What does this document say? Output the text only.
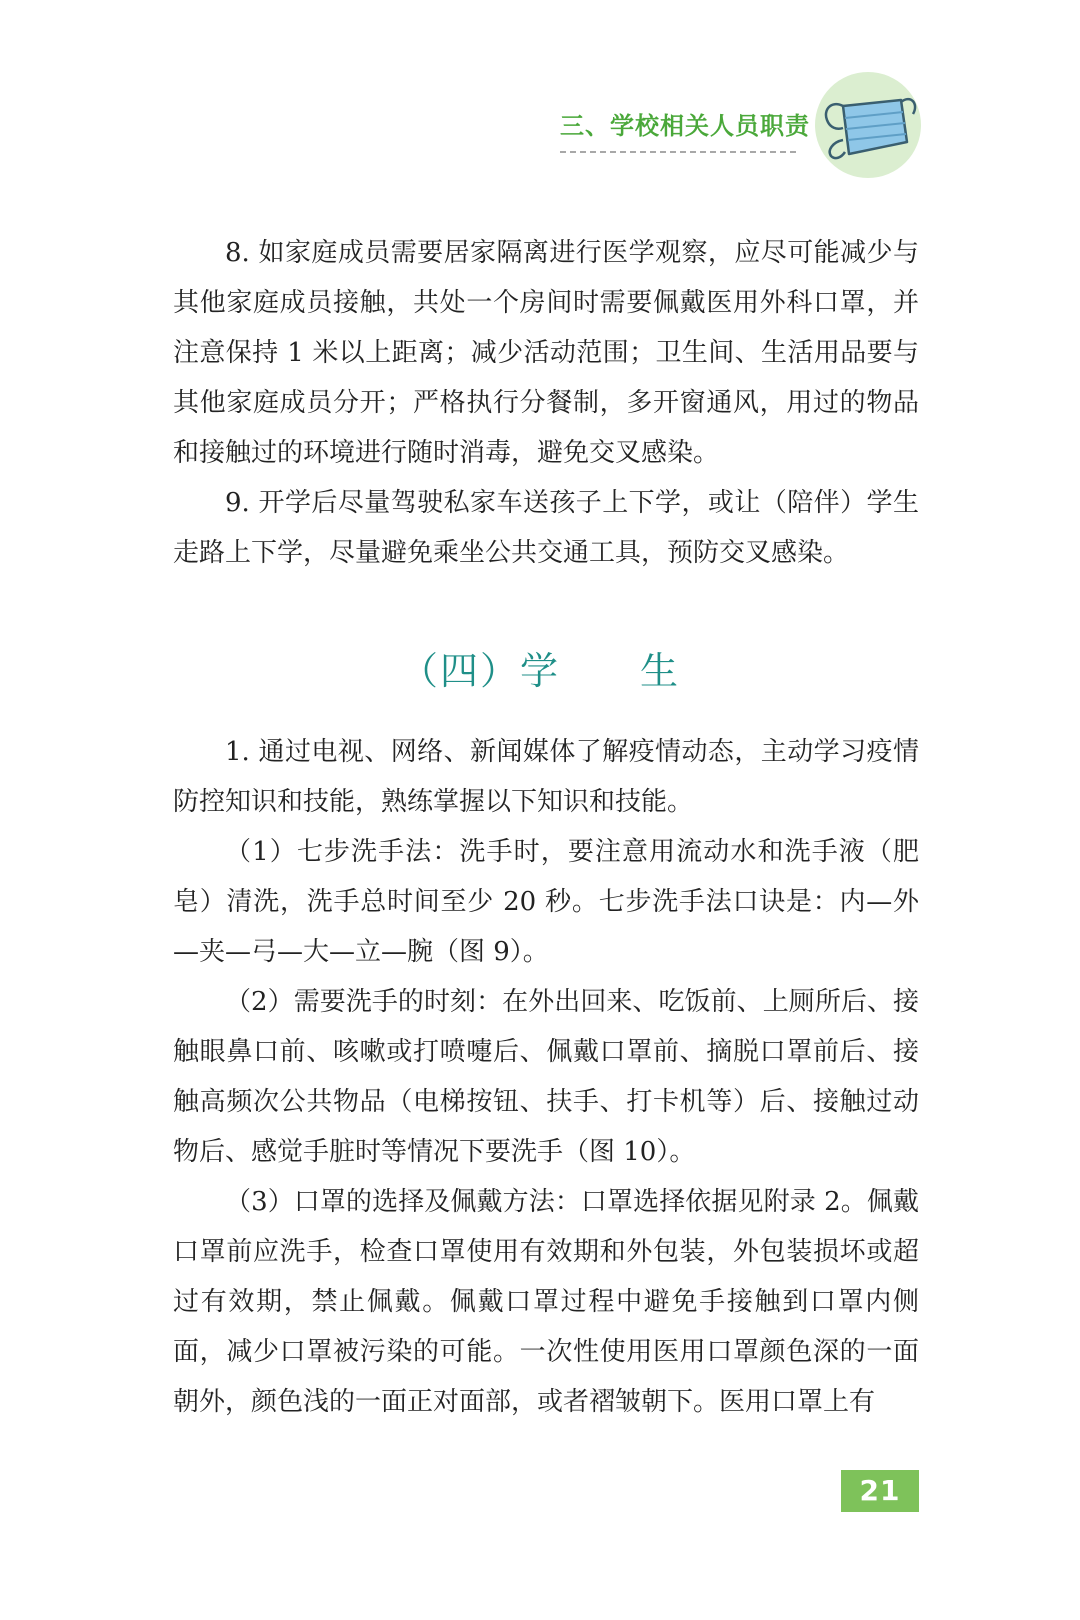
三、学校相关人员职责

8. 如家庭成员需要居家隔离进行医学观察，应尽可能减少与其他家庭成员接触，共处一个房间时需要佩戴医用外科口罩，并注意保持 1 米以上距离；减少活动范围；卫生间、生活用品要与其他家庭成员分开；严格执行分餐制，多开窗通风，用过的物品和接触过的环境进行随时消毒，避免交叉感染。

9. 开学后尽量驾驶私家车送孩子上下学，或让（陪伴）学生走路上下学，尽量避免乘坐公共交通工具，预防交叉感染。

（四）学　　生

1. 通过电视、网络、新闻媒体了解疫情动态，主动学习疫情防控知识和技能，熟练掌握以下知识和技能。

（1）七步洗手法：洗手时，要注意用流动水和洗手液（肥皂）清洗，洗手总时间至少 20 秒。七步洗手法口诀是：内—外—夹—弓—大—立—腕（图 9）。

（2）需要洗手的时刻：在外出回来、吃饭前、上厕所后、接触眼鼻口前、咳嗽或打喷嚏后、佩戴口罩前、摘脱口罩前后、接触高频次公共物品（电梯按钮、扶手、打卡机等）后、接触过动物后、感觉手脏时等情况下要洗手（图 10）。

（3）口罩的选择及佩戴方法：口罩选择依据见附录 2。佩戴口罩前应洗手，检查口罩使用有效期和外包装，外包装损坏或超过有效期，禁止佩戴。佩戴口罩过程中避免手接触到口罩内侧面，减少口罩被污染的可能。一次性使用医用口罩颜色深的一面朝外，颜色浅的一面正对面部，或者褶皱朝下。医用口罩上有

21
